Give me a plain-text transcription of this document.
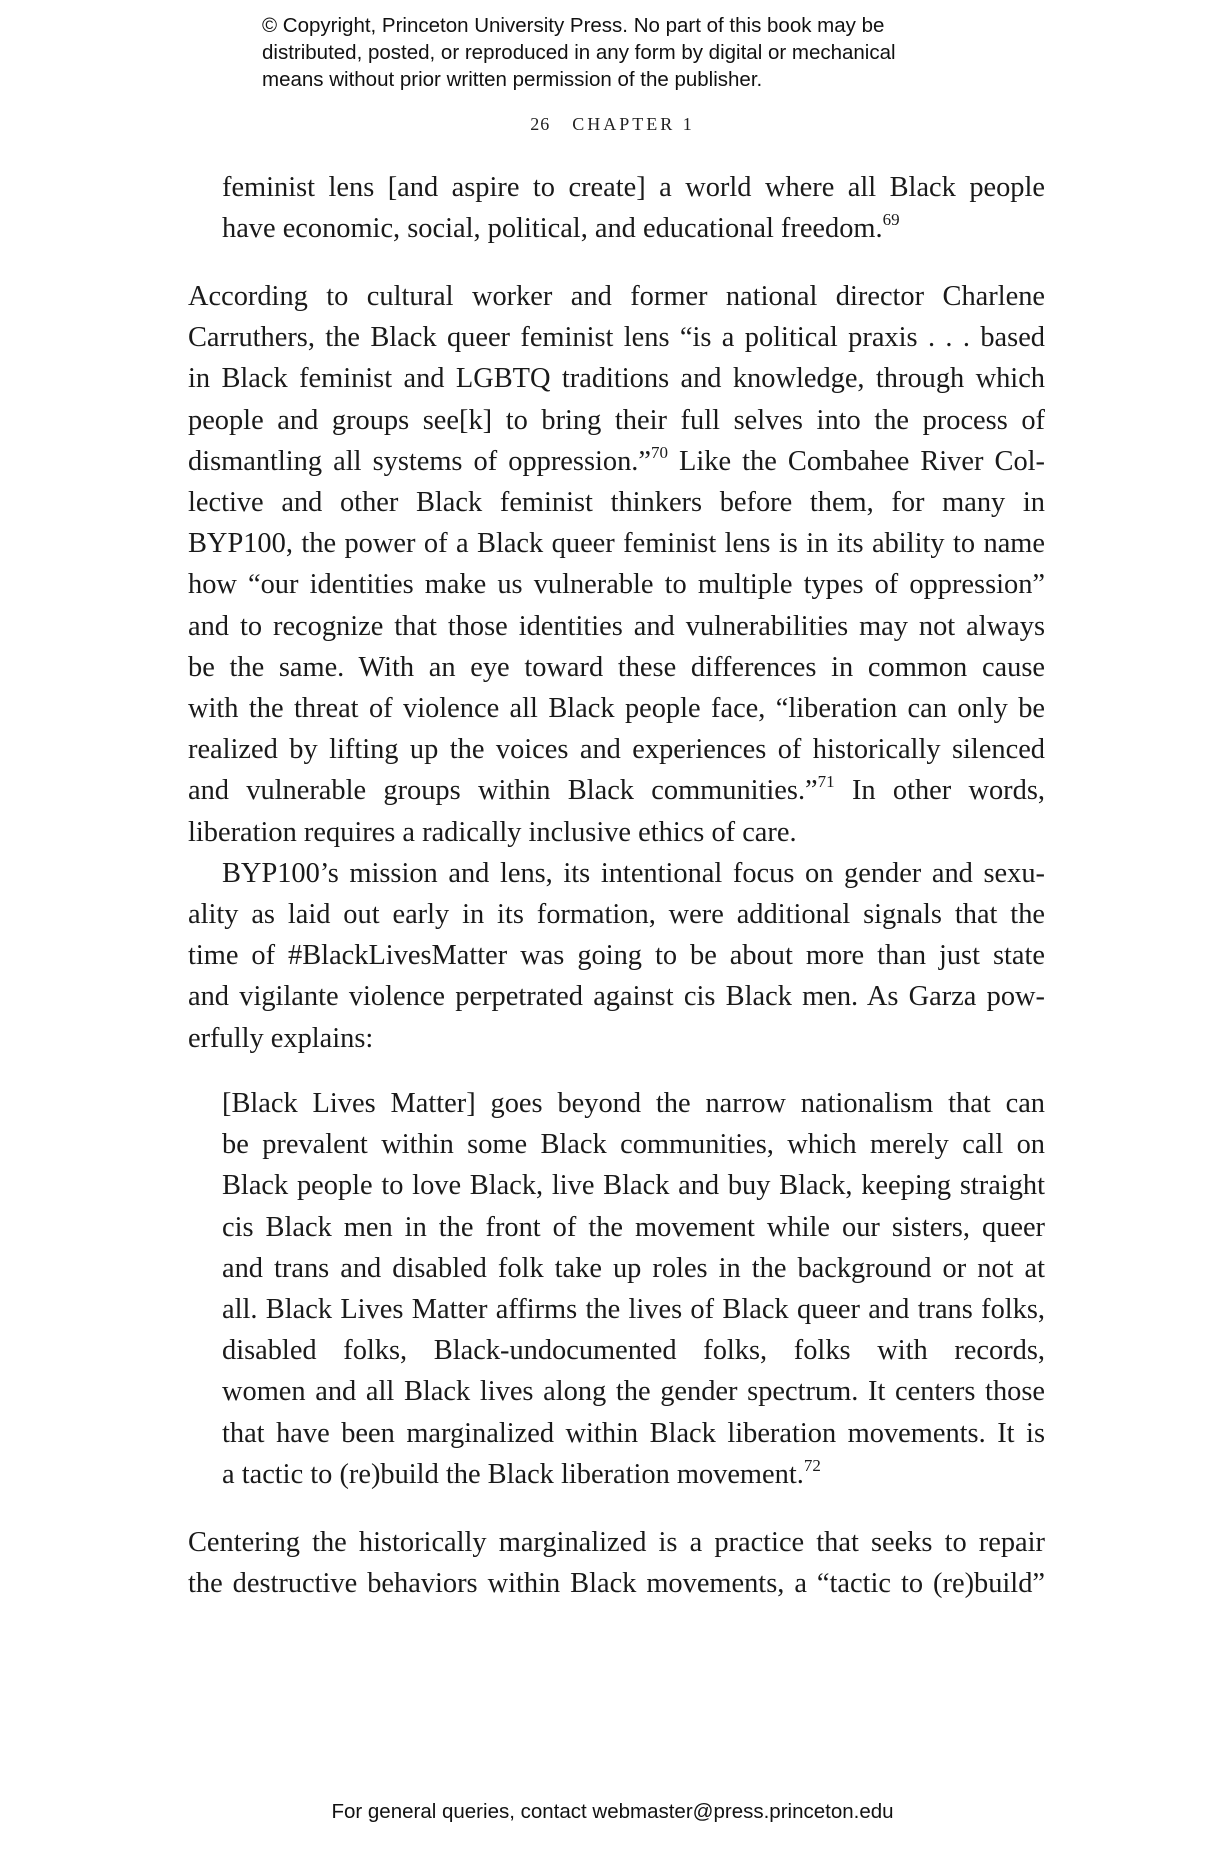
© Copyright, Princeton University Press. No part of this book may be
distributed, posted, or reproduced in any form by digital or mechanical
means without prior written permission of the publisher.
26 CHAPTER 1
feminist lens [and aspire to create] a world where all Black people
have economic, social, political, and educational freedom.$^{69}$
According to cultural worker and former national director Charlene
Carruthers, the Black queer feminist lens “is a political praxis . . . based
in Black feminist and LGBTQ traditions and knowledge, through which
people and groups see[k] to bring their full selves into the process of
dismantling all systems of oppression.”$^{70}$ Like the Combahee River Col-
lective and other Black feminist thinkers before them, for many in
BYP100, the power of a Black queer feminist lens is in its ability to name
how “our identities make us vulnerable to multiple types of oppression”
and to recognize that those identities and vulnerabilities may not always
be the same. With an eye toward these differences in common cause
with the threat of violence all Black people face, “liberation can only be
realized by lifting up the voices and experiences of historically silenced
and vulnerable groups within Black communities.”$^{71}$ In other words,
liberation requires a radically inclusive ethics of care.
BYP100’s mission and lens, its intentional focus on gender and sexu-
ality as laid out early in its formation, were additional signals that the
time of #BlackLivesMatter was going to be about more than just state
and vigilante violence perpetrated against cis Black men. As Garza pow-
erfully explains:
[Black Lives Matter] goes beyond the narrow nationalism that can
be prevalent within some Black communities, which merely call on
Black people to love Black, live Black and buy Black, keeping straight
cis Black men in the front of the movement while our sisters, queer
and trans and disabled folk take up roles in the background or not at
all. Black Lives Matter affirms the lives of Black queer and trans folks,
disabled folks, Black-undocumented folks, folks with records,
women and all Black lives along the gender spectrum. It centers those
that have been marginalized within Black liberation movements. It is
a tactic to (re)build the Black liberation movement.$^{72}$
Centering the historically marginalized is a practice that seeks to repair
the destructive behaviors within Black movements, a “tactic to (re)build”
For general queries, contact webmaster@press.princeton.edu
